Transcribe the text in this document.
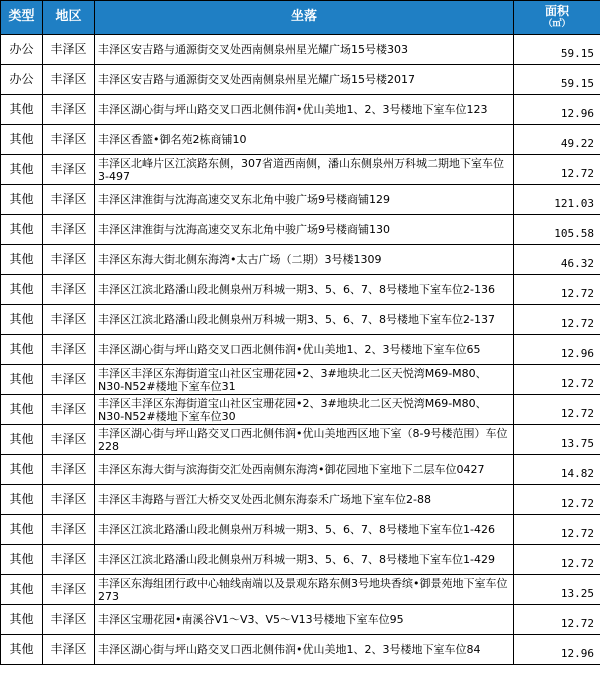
类型	地区	坐落	面积
（㎡）

办公	丰泽区	丰泽区安吉路与通源街交叉处西南侧泉州星光耀广场15号楼303	59.15
办公	丰泽区	丰泽区安吉路与通源街交叉处西南侧泉州星光耀广场15号楼2017	59.15
其他	丰泽区	丰泽区湖心街与坪山路交叉口西北侧伟润•优山美地1、2、3号楼地下室车位123	12.96
其他	丰泽区	丰泽区香篮•御名苑2栋商铺10	49.22
其他	丰泽区	丰泽区北峰片区江滨路东侧，307省道西南侧，潘山东侧泉州万科城二期地下室车位3-497	12.72
其他	丰泽区	丰泽区津淮街与沈海高速交叉东北角中骏广场9号楼商铺129	121.03
其他	丰泽区	丰泽区津淮街与沈海高速交叉东北角中骏广场9号楼商铺130	105.58
其他	丰泽区	丰泽区东海大街北侧东海湾•太古广场（二期）3号楼1309	46.32
其他	丰泽区	丰泽区江滨北路潘山段北侧泉州万科城一期3、5、6、7、8号楼地下室车位2-136	12.72
其他	丰泽区	丰泽区江滨北路潘山段北侧泉州万科城一期3、5、6、7、8号楼地下室车位2-137	12.72
其他	丰泽区	丰泽区湖心街与坪山路交叉口西北侧伟润•优山美地1、2、3号楼地下室车位65	12.96
其他	丰泽区	丰泽区丰泽区东海街道宝山社区宝珊花园•2、3#地块北二区天悦湾M69-M80、N30-N52#楼地下室车位31	12.72
其他	丰泽区	丰泽区丰泽区东海街道宝山社区宝珊花园•2、3#地块北二区天悦湾M69-M80、N30-N52#楼地下室车位30	12.72
其他	丰泽区	丰泽区湖心街与坪山路交叉口西北侧伟润•优山美地西区地下室（8-9号楼范围）车位228	13.75
其他	丰泽区	丰泽区东海大街与滨海街交汇处西南侧东海湾•御花园地下室地下二层车位0427	14.82
其他	丰泽区	丰泽区丰海路与晋江大桥交叉处西北侧东海泰禾广场地下室车位2-88	12.72
其他	丰泽区	丰泽区江滨北路潘山段北侧泉州万科城一期3、5、6、7、8号楼地下室车位1-426	12.72
其他	丰泽区	丰泽区江滨北路潘山段北侧泉州万科城一期3、5、6、7、8号楼地下室车位1-429	12.72
其他	丰泽区	丰泽区东海组团行政中心轴线南端以及景观东路东侧3号地块香缤•御景苑地下室车位273	13.25
其他	丰泽区	丰泽区宝珊花园•南溪谷V1～V3、V5～V13号楼地下室车位95	12.72
其他	丰泽区	丰泽区湖心街与坪山路交叉口西北侧伟润•优山美地1、2、3号楼地下室车位84	12.96
